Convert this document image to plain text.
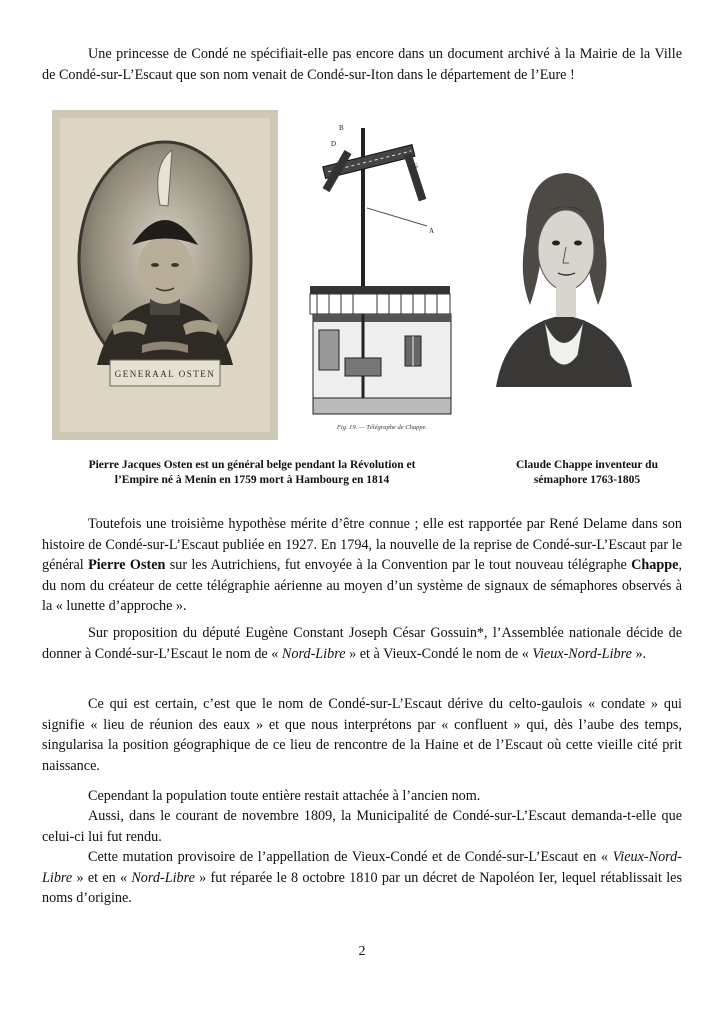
Une princesse de Condé ne spécifiait-elle pas encore dans un document archivé à la Mairie de la Ville de Condé-sur-L’Escaut que son nom venait de Condé-sur-Iton dans le département de l’Eure !

GENERAAL OSTEN
B
D
G
A
Fig. 19. — Télégraphe de Chappe.

Pierre Jacques Osten est un général belge pendant la Révolution et
l’Empire né à Menin en 1759 mort à Hambourg en 1814

Claude Chappe inventeur du
sémaphore 1763-1805

Toutefois une troisième hypothèse mérite d’être connue ; elle est rapportée par René Delame dans son histoire de Condé-sur-L’Escaut publiée en 1927. En 1794, la nouvelle de la reprise de Condé-sur-L’Escaut par le général Pierre Osten sur les Autrichiens, fut envoyée à la Convention par le tout nouveau télégraphe Chappe, du nom du créateur de cette télégraphie aérienne au moyen d’un système de signaux de sémaphores observés à la « lunette d’approche ».

Sur proposition du député Eugène Constant Joseph César Gossuin*, l’Assemblée nationale décide de donner à Condé-sur-L’Escaut le nom de « Nord-Libre » et à Vieux-Condé le nom de « Vieux-Nord-Libre ».

Ce qui est certain, c’est que le nom de Condé-sur-L’Escaut dérive du celto-gaulois « condate » qui signifie « lieu de réunion des eaux » et que nous interprétons par « confluent » qui, dès l’aube des temps, singularisa la position géographique de ce lieu de rencontre de la Haine et de l’Escaut où cette vieille cité prit naissance.

Cependant la population toute entière restait attachée à l’ancien nom.

Aussi, dans le courant de novembre 1809, la Municipalité de Condé-sur-L’Escaut demanda-t-elle que celui-ci lui fut rendu.

Cette mutation provisoire de l’appellation de Vieux-Condé et de Condé-sur-L’Escaut en « Vieux-Nord-Libre » et en « Nord-Libre » fut réparée le 8 octobre 1810 par un décret de Napoléon Ier, lequel rétablissait les noms d’origine.

2
